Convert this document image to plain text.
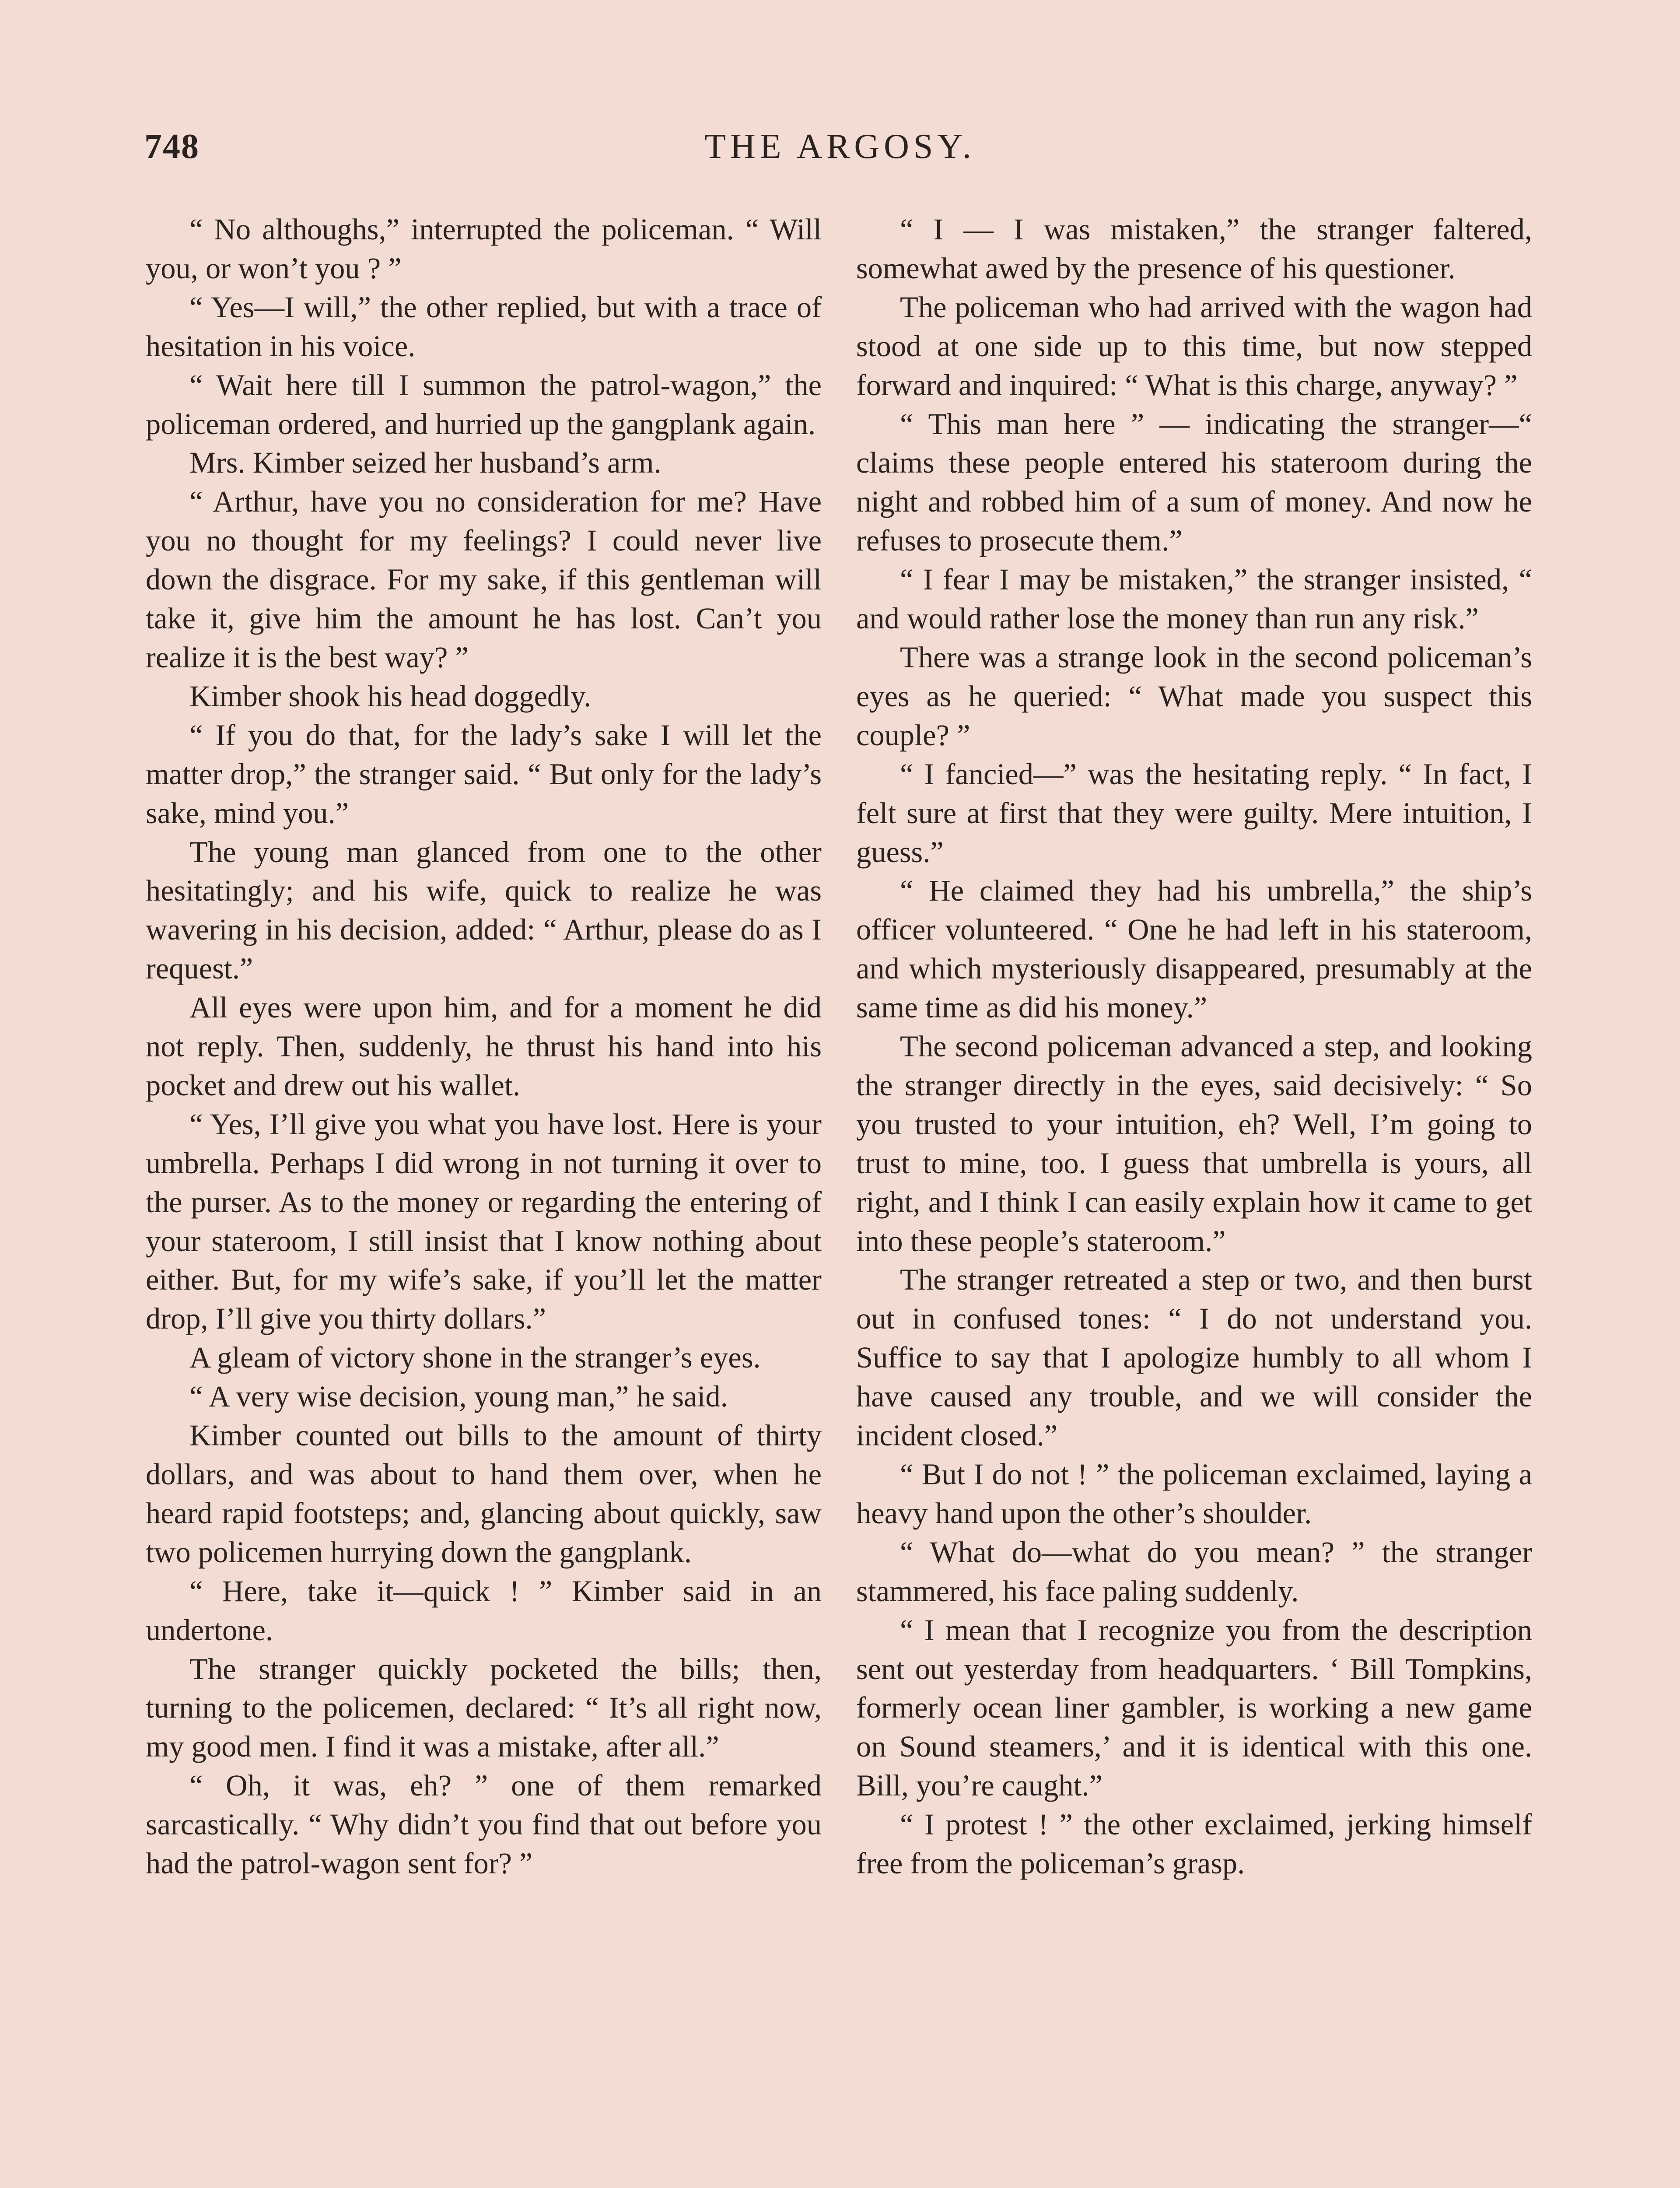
748	THE ARGOSY.

“ No althoughs,” interrupted the policeman. “ Will you, or won’t you ? ”

“ Yes—I will,” the other replied, but with a trace of hesitation in his voice.

“ Wait here till I summon the patrol-wagon,” the policeman ordered, and hurried up the gangplank again.

Mrs. Kimber seized her husband’s arm.

“ Arthur, have you no consideration for me? Have you no thought for my feelings? I could never live down the disgrace. For my sake, if this gentleman will take it, give him the amount he has lost. Can’t you realize it is the best way? ”

Kimber shook his head doggedly.

“ If you do that, for the lady’s sake I will let the matter drop,” the stranger said. “ But only for the lady’s sake, mind you.”

The young man glanced from one to the other hesitatingly; and his wife, quick to realize he was wavering in his decision, added: “ Arthur, please do as I request.”

All eyes were upon him, and for a moment he did not reply. Then, suddenly, he thrust his hand into his pocket and drew out his wallet.

“ Yes, I’ll give you what you have lost. Here is your umbrella. Perhaps I did wrong in not turning it over to the purser. As to the money or regarding the entering of your stateroom, I still insist that I know nothing about either. But, for my wife’s sake, if you’ll let the matter drop, I’ll give you thirty dollars.”

A gleam of victory shone in the stranger’s eyes.

“ A very wise decision, young man,” he said.

Kimber counted out bills to the amount of thirty dollars, and was about to hand them over, when he heard rapid footsteps; and, glancing about quickly, saw two policemen hurrying down the gangplank.

“ Here, take it—quick ! ” Kimber said in an undertone.

The stranger quickly pocketed the bills; then, turning to the policemen, declared: “ It’s all right now, my good men. I find it was a mistake, after all.”

“ Oh, it was, eh? ” one of them remarked sarcastically. “ Why didn’t you find that out before you had the patrol-wagon sent for? ”

“ I — I was mistaken,” the stranger faltered, somewhat awed by the presence of his questioner.

The policeman who had arrived with the wagon had stood at one side up to this time, but now stepped forward and inquired: “ What is this charge, anyway? ”

“ This man here ” — indicating the stranger—“ claims these people entered his stateroom during the night and robbed him of a sum of money. And now he refuses to prosecute them.”

“ I fear I may be mistaken,” the stranger insisted, “ and would rather lose the money than run any risk.”

There was a strange look in the second policeman’s eyes as he queried: “ What made you suspect this couple? ”

“ I fancied—” was the hesitating reply. “ In fact, I felt sure at first that they were guilty. Mere intuition, I guess.”

“ He claimed they had his umbrella,” the ship’s officer volunteered. “ One he had left in his stateroom, and which mysteriously disappeared, presumably at the same time as did his money.”

The second policeman advanced a step, and looking the stranger directly in the eyes, said decisively: “ So you trusted to your intuition, eh? Well, I’m going to trust to mine, too. I guess that umbrella is yours, all right, and I think I can easily explain how it came to get into these people’s stateroom.”

The stranger retreated a step or two, and then burst out in confused tones: “ I do not understand you. Suffice to say that I apologize humbly to all whom I have caused any trouble, and we will consider the incident closed.”

“ But I do not ! ” the policeman exclaimed, laying a heavy hand upon the other’s shoulder.

“ What do—what do you mean? ” the stranger stammered, his face paling suddenly.

“ I mean that I recognize you from the description sent out yesterday from headquarters. ‘ Bill Tompkins, formerly ocean liner gambler, is working a new game on Sound steamers,’ and it is identical with this one. Bill, you’re caught.”

“ I protest ! ” the other exclaimed, jerking himself free from the policeman’s grasp.
